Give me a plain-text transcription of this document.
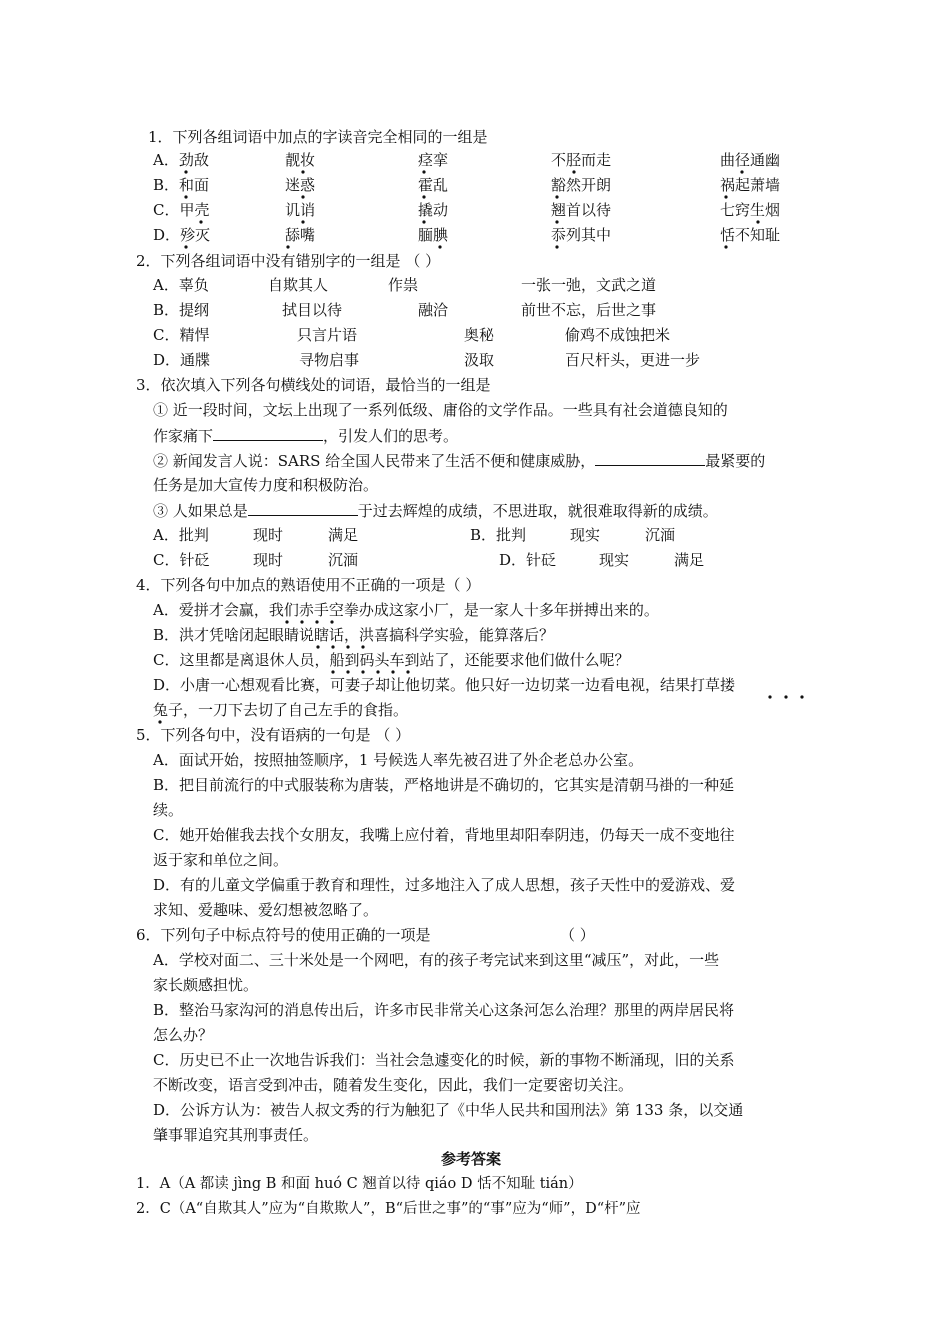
1．下列各组词语中加点的字读音完全相同的一组是
A．劲敌	靓妆	痉挛	不胫而走	曲径通幽
B．和面	迷惑	霍乱	豁然开朗	祸起萧墙
C．甲壳	讥诮	撬动	翘首以待	七窍生烟
D．殄灭	舔嘴	腼腆	忝列其中	恬不知耻
2．下列各组词语中没有错别字的一组是 （ ）
A．辜负	自欺其人	作祟	一张一弛，文武之道
B．提纲	拭目以待	融洽	前世不忘，后世之事
C．精悍	只言片语	奥秘	偷鸡不成蚀把米
D．通牒	寻物启事	汲取	百尺杆头，更进一步
3．依次填入下列各句横线处的词语，最恰当的一组是
① 近一段时间，文坛上出现了一系列低级、庸俗的文学作品。一些具有社会道德良知的
作家痛下	，引发人们的思考。
② 新闻发言人说：SARS 给全国人民带来了生活不便和健康威胁，	最紧要的
任务是加大宣传力度和积极防治。
③ 人如果总是	于过去辉煌的成绩，不思进取，就很难取得新的成绩。
A．批判	现时	满足	B．批判	现实	沉湎
C．针砭	现时	沉湎	D．针砭	现实	满足
4．下列各句中加点的熟语使用不正确的一项是（ ）
A．爱拼才会赢，我们赤手空拳办成这家小厂，是一家人十多年拼搏出来的。
B．洪才凭啥闭起眼睛说瞎话，洪喜搞科学实验，能算落后？
C．这里都是离退休人员，船到码头车到站了，还能要求他们做什么呢？
D．小唐一心想观看比赛，可妻子却让他切菜。他只好一边切菜一边看电视，结果打草搂
兔子，一刀下去切了自己左手的食指。
5．下列各句中，没有语病的一句是 （ ）
A．面试开始，按照抽签顺序，1 号候选人率先被召进了外企老总办公室。
B．把目前流行的中式服装称为唐装，严格地讲是不确切的，它其实是清朝马褂的一种延
续。
C．她开始催我去找个女朋友，我嘴上应付着，背地里却阳奉阴违，仍每天一成不变地往
返于家和单位之间。
D．有的儿童文学偏重于教育和理性，过多地注入了成人思想，孩子天性中的爱游戏、爱
求知、爱趣味、爱幻想被忽略了。
6．下列句子中标点符号的使用正确的一项是	（ ）
A．学校对面二、三十米处是一个网吧，有的孩子考完试来到这里“减压”，对此，一些
家长颇感担忧。
B．整治马家沟河的消息传出后，许多市民非常关心这条河怎么治理？那里的两岸居民将
怎么办？
C．历史已不止一次地告诉我们：当社会急遽变化的时候，新的事物不断涌现，旧的关系
不断改变，语言受到冲击，随着发生变化，因此，我们一定要密切关注。
D．公诉方认为：被告人叔文秀的行为触犯了《中华人民共和国刑法》第 133 条，以交通
肇事罪追究其刑事责任。
参考答案
1．A（A 都读 jìng B 和面 huó C 翘首以待 qiáo D 恬不知耻 tián）
2．C（A“自欺其人”应为“自欺欺人”，B“后世之事”的“事”应为“师”，D“杆”应
